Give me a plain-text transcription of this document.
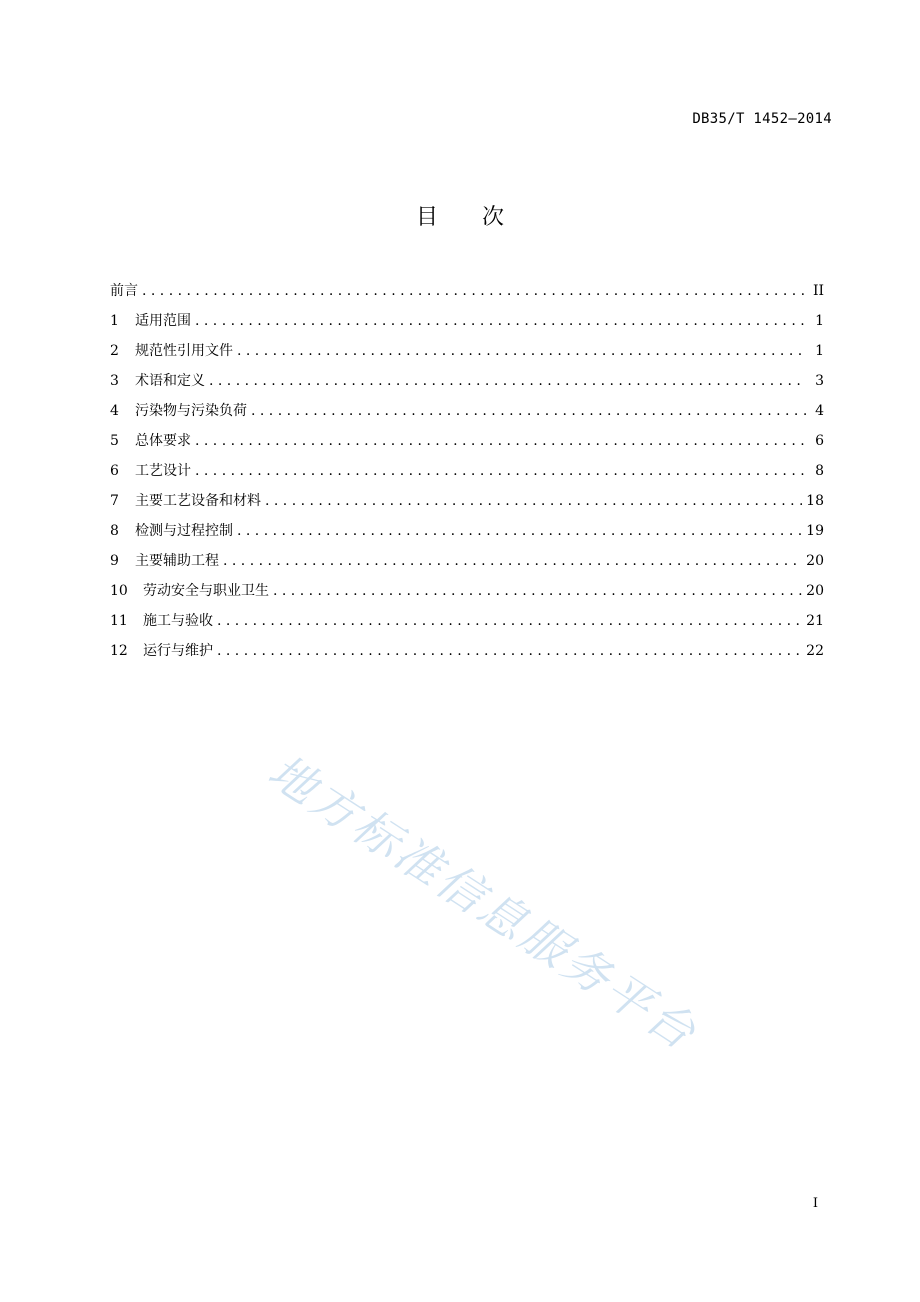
DB35/T 1452—2014
目次
前言 . . .	II
1	适用范围 . . .	1
2	规范性引用文件 . . .	1
3	术语和定义 . . .	3
4	污染物与污染负荷 . . .	4
5	总体要求 . . .	6
6	工艺设计 . . .	8
7	主要工艺设备和材料 . . .	18
8	检测与过程控制 . . .	19
9	主要辅助工程 . . .	20
10	劳动安全与职业卫生 . . .	20
11	施工与验收 . . .	21
12	运行与维护 . . .	22
地方标准信息服务平台
I
